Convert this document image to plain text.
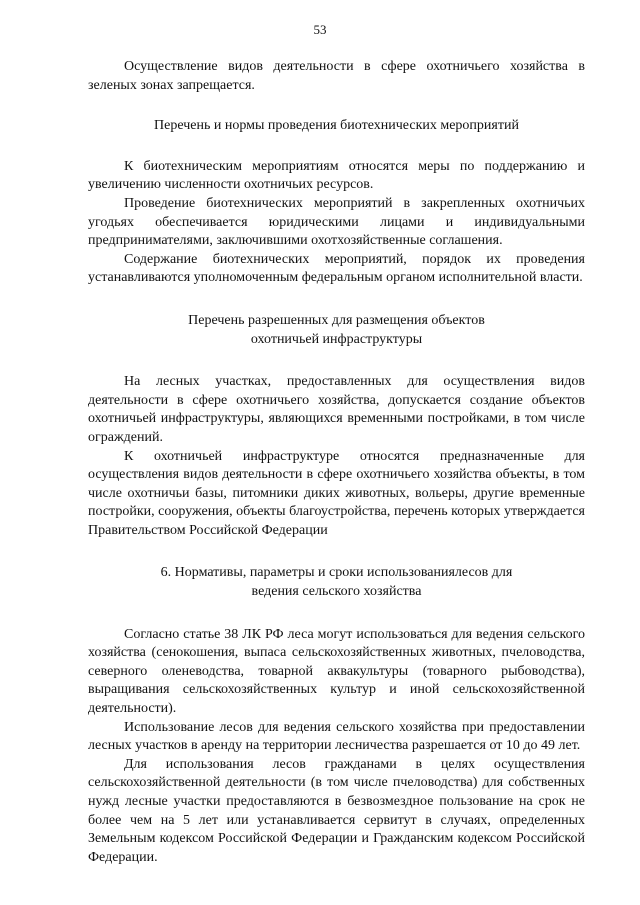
53

Осуществление видов деятельности в сфере охотничьего хозяйства в зеленых зонах запрещается.

Перечень и нормы проведения биотехнических мероприятий

К биотехническим мероприятиям относятся меры по поддержанию и увеличению численности охотничьих ресурсов.

Проведение биотехнических мероприятий в закрепленных охотничьих угодьях обеспечивается юридическими лицами и индивидуальными предпринимателями, заключившими охотхозяйственные соглашения.

Содержание биотехнических мероприятий, порядок их проведения устанавливаются уполномоченным федеральным органом исполнительной власти.

Перечень разрешенных для размещения объектов
охотничьей инфраструктуры

На лесных участках, предоставленных для осуществления видов деятельности в сфере охотничьего хозяйства, допускается создание объектов охотничьей инфраструктуры, являющихся временными постройками, в том числе ограждений.

К охотничьей инфраструктуре относятся предназначенные для осуществления видов деятельности в сфере охотничьего хозяйства объекты, в том числе охотничьи базы, питомники диких животных, вольеры, другие временные постройки, сооружения, объекты благоустройства, перечень которых утверждается Правительством Российской Федерации

6. Нормативы, параметры и сроки использованиялесов для
ведения сельского хозяйства

Согласно статье 38 ЛК РФ леса могут использоваться для ведения сельского хозяйства (сенокошения, выпаса сельскохозяйственных животных, пчеловодства, северного оленеводства, товарной аквакультуры (товарного рыбоводства), выращивания сельскохозяйственных культур и иной сельскохозяйственной деятельности).

Использование лесов для ведения сельского хозяйства при предоставлении лесных участков в аренду на территории лесничества разрешается от 10 до 49 лет.

Для использования лесов гражданами в целях осуществления сельскохозяйственной деятельности (в том числе пчеловодства) для собственных нужд лесные участки предоставляются в безвозмездное пользование на срок не более чем на 5 лет или устанавливается сервитут в случаях, определенных Земельным кодексом Российской Федерации и Гражданским кодексом Российской Федерации.
